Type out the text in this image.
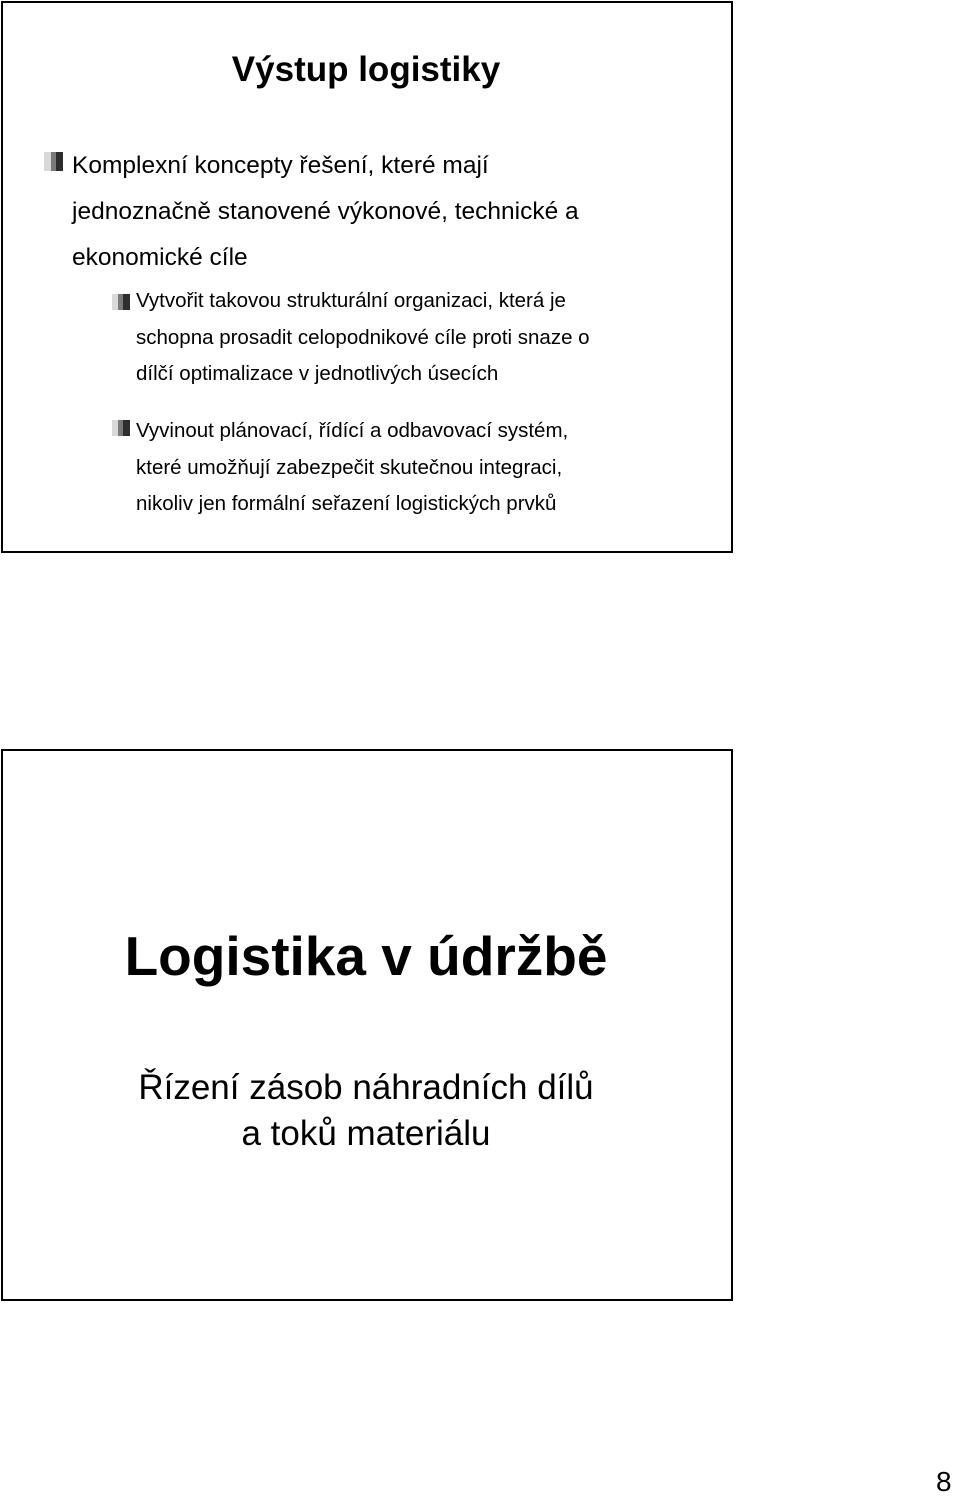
Výstup logistiky
Komplexní koncepty řešení, které mají
jednoznačně stanovené výkonové, technické a
ekonomické cíle
Vytvořit takovou strukturální organizaci, která je
schopna prosadit celopodnikové cíle proti snaze o
dílčí optimalizace v jednotlivých úsecích
Vyvinout plánovací, řídící a odbavovací systém,
které umožňují zabezpečit skutečnou integraci,
nikoliv jen formální seřazení logistických prvků
Logistika v údržbě
Řízení zásob náhradních dílů
a toků materiálu
8
